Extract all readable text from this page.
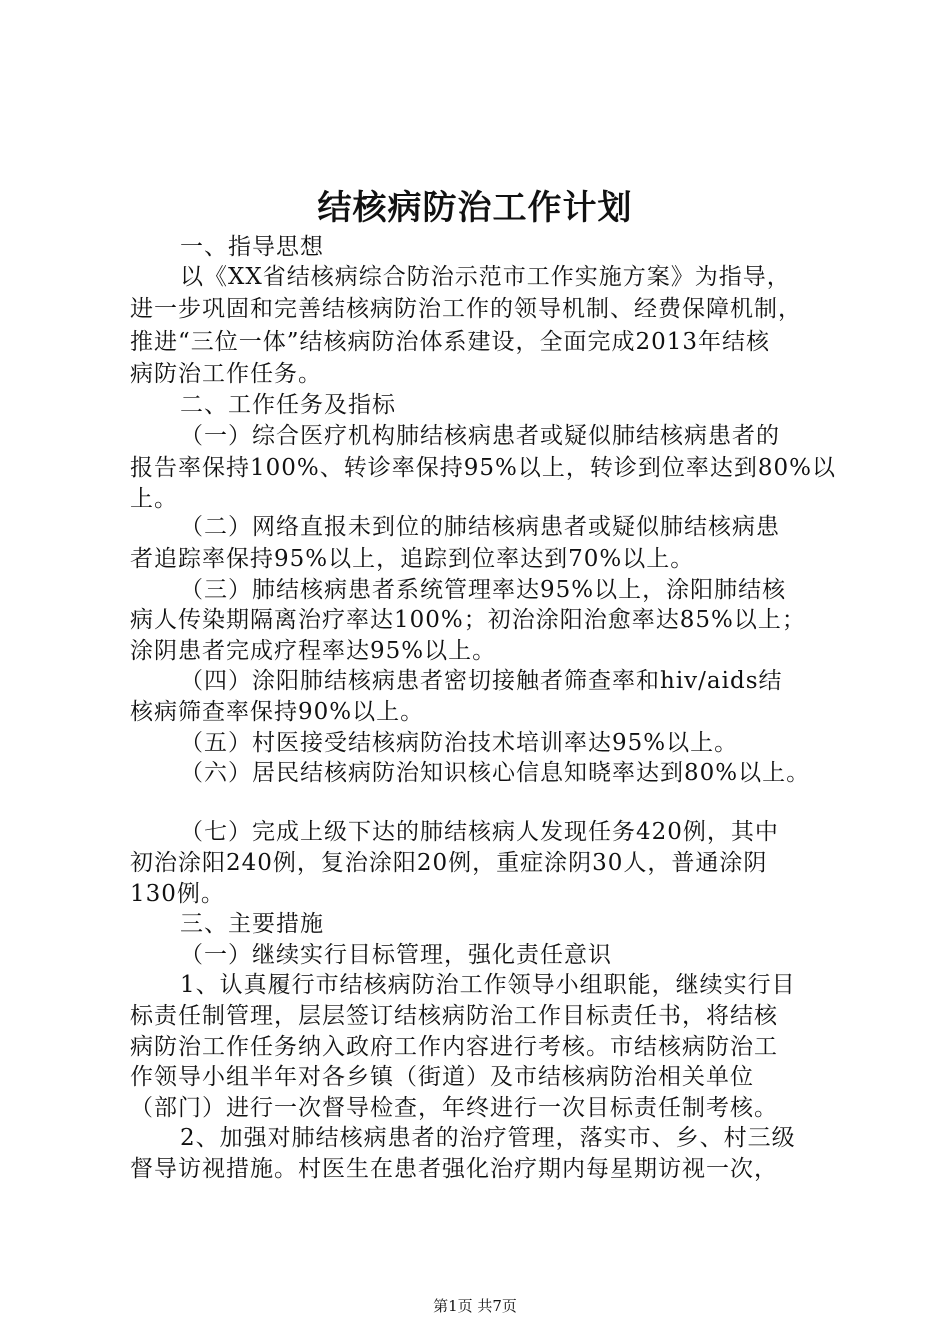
结核病防治工作计划
一、指导思想
以《XX省结核病综合防治示范市工作实施方案》为指导，
进一步巩固和完善结核病防治工作的领导机制、经费保障机制，
推进“三位一体”结核病防治体系建设，全面完成2013年结核
病防治工作任务。
二、工作任务及指标
（一）综合医疗机构肺结核病患者或疑似肺结核病患者的
报告率保持100%、转诊率保持95%以上，转诊到位率达到80%以
上。
（二）网络直报未到位的肺结核病患者或疑似肺结核病患
者追踪率保持95%以上，追踪到位率达到70%以上。
（三）肺结核病患者系统管理率达95%以上，涂阳肺结核
病人传染期隔离治疗率达100%；初治涂阳治愈率达85%以上；
涂阴患者完成疗程率达95%以上。
（四）涂阳肺结核病患者密切接触者筛查率和hiv/aids结
核病筛查率保持90%以上。
（五）村医接受结核病防治技术培训率达95%以上。
（六）居民结核病防治知识核心信息知晓率达到80%以上。
（七）完成上级下达的肺结核病人发现任务420例，其中
初治涂阳240例，复治涂阳20例，重症涂阴30人，普通涂阴
130例。
三、主要措施
（一）继续实行目标管理，强化责任意识
1、认真履行市结核病防治工作领导小组职能，继续实行目
标责任制管理，层层签订结核病防治工作目标责任书，将结核
病防治工作任务纳入政府工作内容进行考核。市结核病防治工
作领导小组半年对各乡镇（街道）及市结核病防治相关单位
（部门）进行一次督导检查，年终进行一次目标责任制考核。
2、加强对肺结核病患者的治疗管理，落实市、乡、村三级
督导访视措施。村医生在患者强化治疗期内每星期访视一次，
第1页 共7页
